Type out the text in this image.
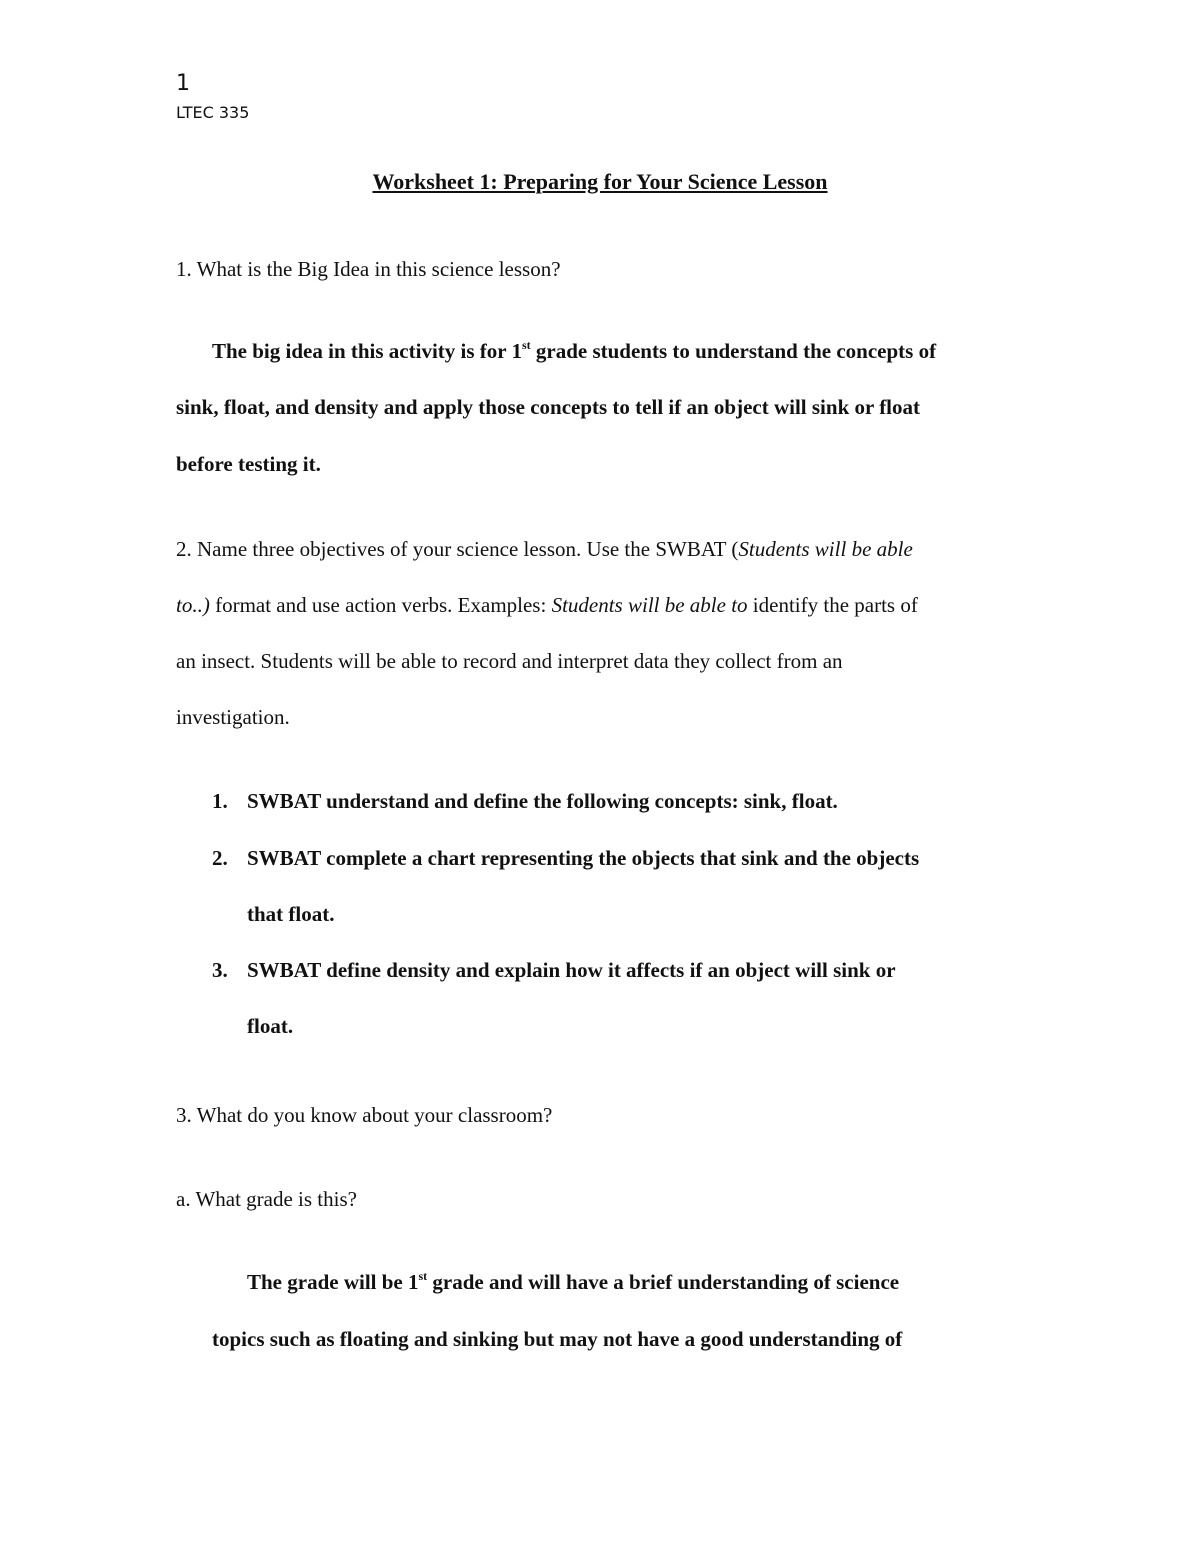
1
LTEC 335
Worksheet 1: Preparing for Your Science Lesson
1. What is the Big Idea in this science lesson?
The big idea in this activity is for 1st grade students to understand the concepts of
sink, float, and density and apply those concepts to tell if an object will sink or float
before testing it.
2. Name three objectives of your science lesson. Use the SWBAT (Students will be able
to..) format and use action verbs. Examples: Students will be able to identify the parts of
an insect. Students will be able to record and interpret data they collect from an
investigation.
1. SWBAT understand and define the following concepts: sink, float.
2. SWBAT complete a chart representing the objects that sink and the objects
that float.
3. SWBAT define density and explain how it affects if an object will sink or
float.
3. What do you know about your classroom?
a. What grade is this?
The grade will be 1st grade and will have a brief understanding of science
topics such as floating and sinking but may not have a good understanding of
